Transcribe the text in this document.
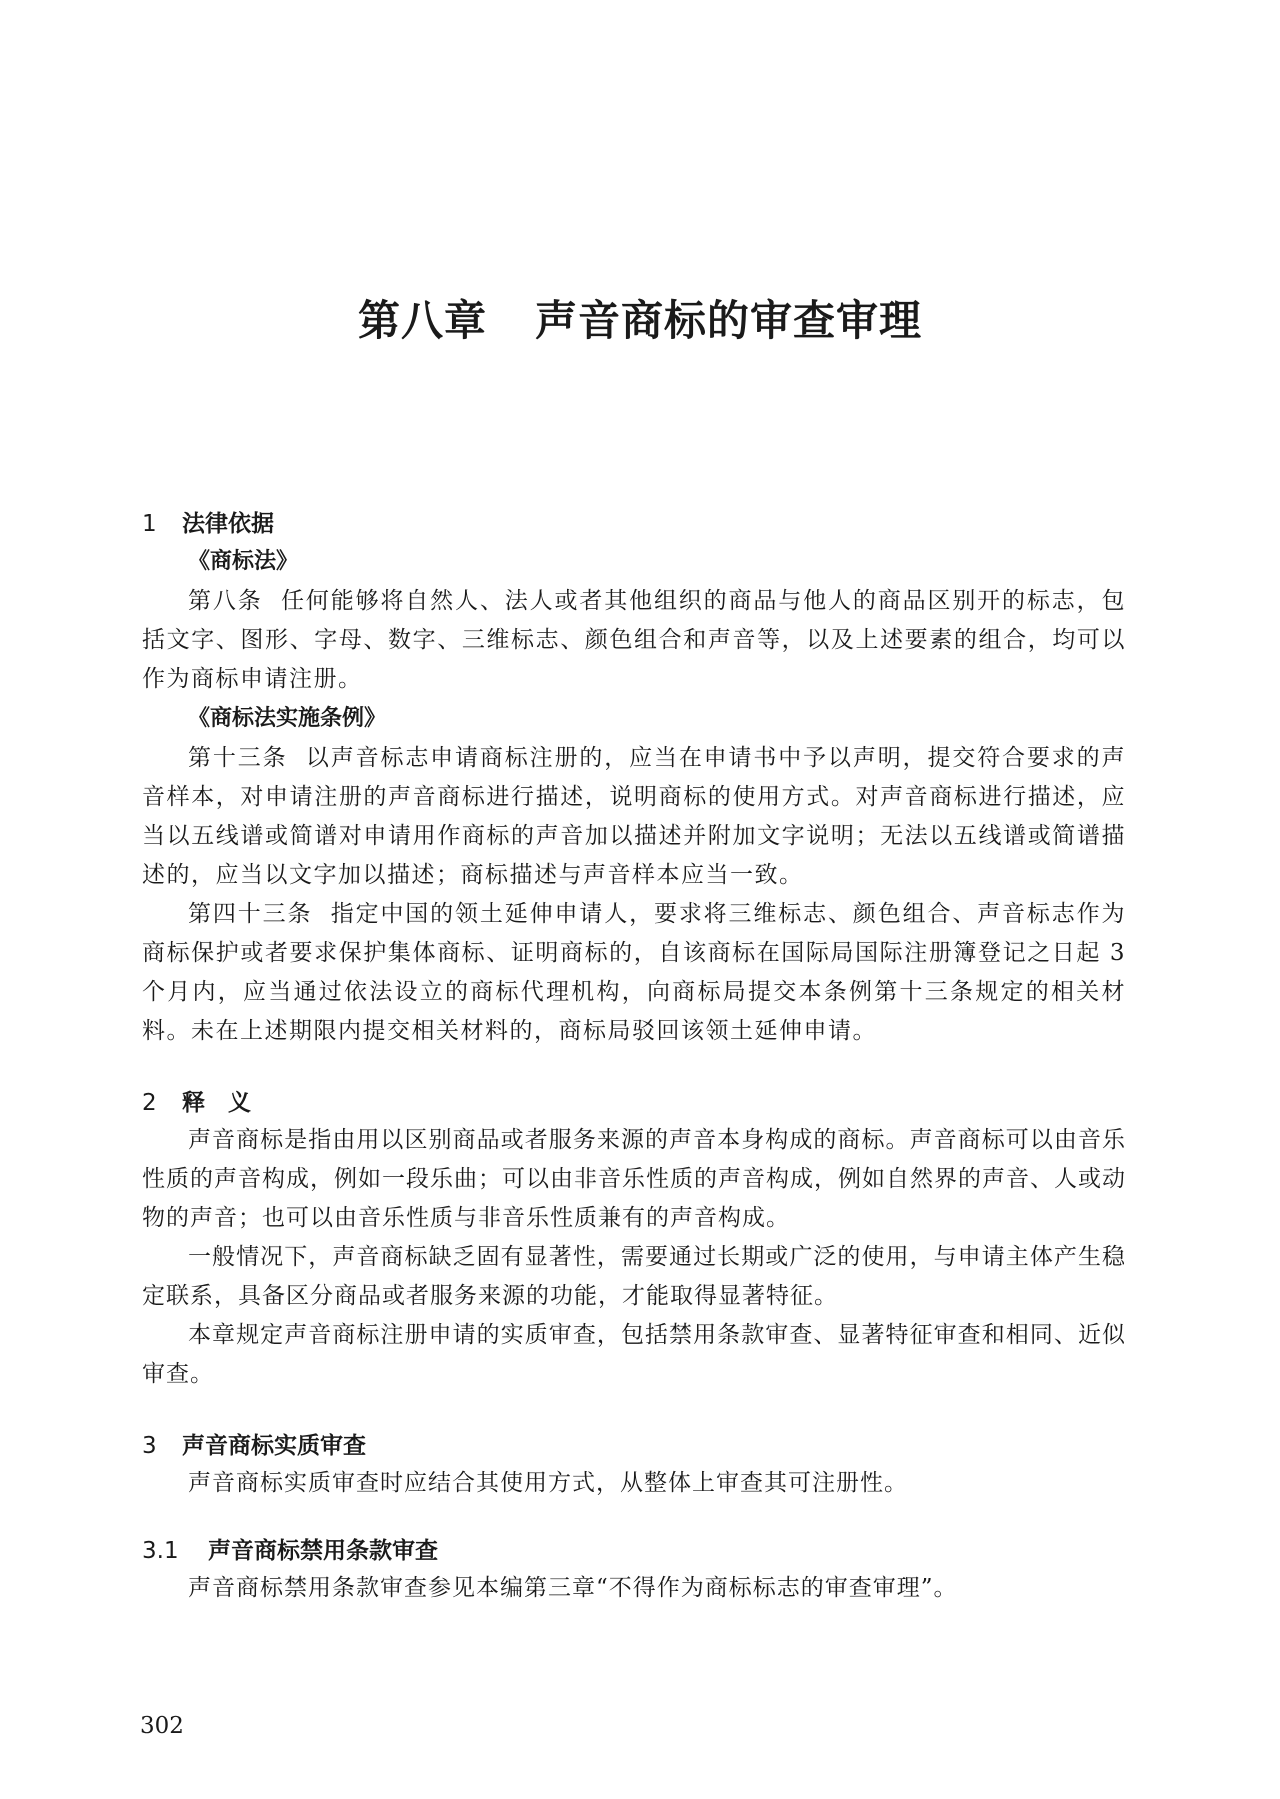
第八章 声音商标的审查审理
1 法律依据
《商标法》

第八条 任何能够将自然人、法人或者其他组织的商品与他人的商品区别开的标志，包括文字、图形、字母、数字、三维标志、颜色组合和声音等，以及上述要素的组合，均可以作为商标申请注册。

《商标法实施条例》

第十三条 以声音标志申请商标注册的，应当在申请书中予以声明，提交符合要求的声音样本，对申请注册的声音商标进行描述，说明商标的使用方式。对声音商标进行描述，应当以五线谱或简谱对申请用作商标的声音加以描述并附加文字说明；无法以五线谱或简谱描述的，应当以文字加以描述；商标描述与声音样本应当一致。

第四十三条 指定中国的领土延伸申请人，要求将三维标志、颜色组合、声音标志作为商标保护或者要求保护集体商标、证明商标的，自该商标在国际局国际注册簿登记之日起 3 个月内，应当通过依法设立的商标代理机构，向商标局提交本条例第十三条规定的相关材料。未在上述期限内提交相关材料的，商标局驳回该领土延伸申请。

2 释　义

声音商标是指由用以区别商品或者服务来源的声音本身构成的商标。声音商标可以由音乐性质的声音构成，例如一段乐曲；可以由非音乐性质的声音构成，例如自然界的声音、人或动物的声音；也可以由音乐性质与非音乐性质兼有的声音构成。

一般情况下，声音商标缺乏固有显著性，需要通过长期或广泛的使用，与申请主体产生稳定联系，具备区分商品或者服务来源的功能，才能取得显著特征。

本章规定声音商标注册申请的实质审查，包括禁用条款审查、显著特征审查和相同、近似审查。

3 声音商标实质审查

声音商标实质审查时应结合其使用方式，从整体上审查其可注册性。

3.1 声音商标禁用条款审查

声音商标禁用条款审查参见本编第三章“不得作为商标标志的审查审理”。

302
